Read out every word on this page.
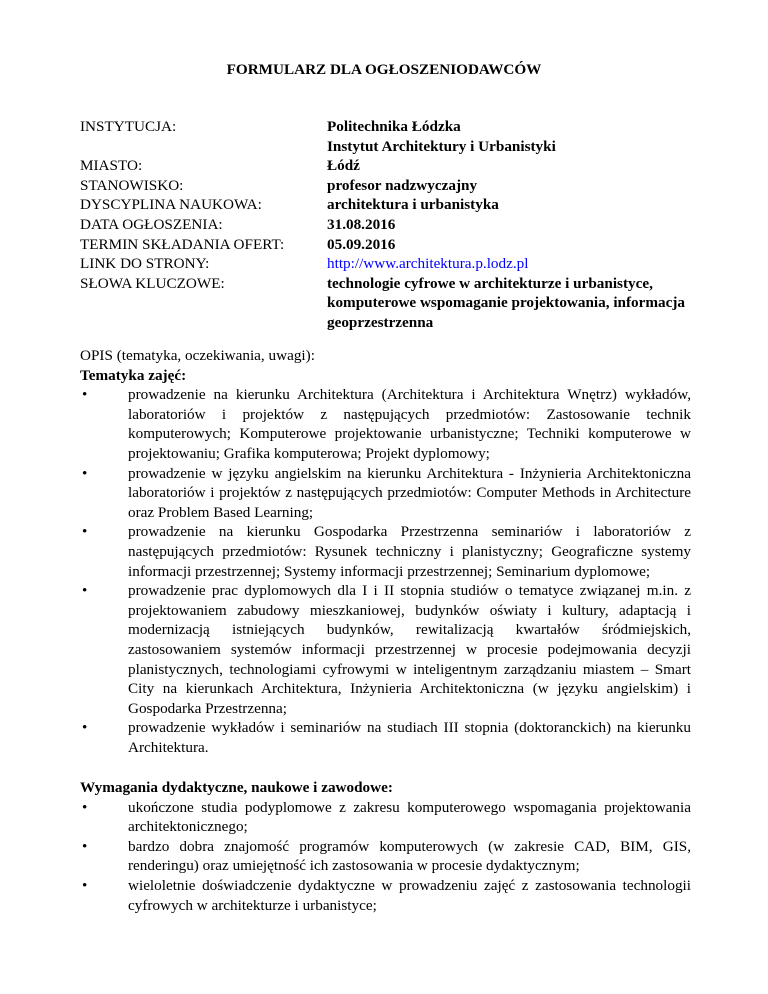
FORMULARZ DLA OGŁOSZENIODAWCÓW
INSTYTUCJA:	Politechnika Łódzka
Instytut Architektury i Urbanistyki
MIASTO:	Łódź
STANOWISKO:	profesor nadzwyczajny
DYSCYPLINA NAUKOWA:	architektura i urbanistyka
DATA OGŁOSZENIA:	31.08.2016
TERMIN SKŁADANIA OFERT:	05.09.2016
LINK DO STRONY:	http://www.architektura.p.lodz.pl
SŁOWA KLUCZOWE:	technologie cyfrowe w architekturze i urbanistyce, komputerowe wspomaganie projektowania, informacja geoprzestrzenna
OPIS (tematyka, oczekiwania, uwagi):
Tematyka zajęć:
•	prowadzenie na kierunku Architektura (Architektura i Architektura Wnętrz) wykładów, laboratoriów i projektów z następujących przedmiotów: Zastosowanie technik komputerowych; Komputerowe projektowanie urbanistyczne; Techniki komputerowe w projektowaniu; Grafika komputerowa; Projekt dyplomowy;
•	prowadzenie w języku angielskim na kierunku Architektura - Inżynieria Architektoniczna laboratoriów i projektów z następujących przedmiotów: Computer Methods in Architecture oraz Problem Based Learning;
•	prowadzenie na kierunku Gospodarka Przestrzenna seminariów i laboratoriów z następujących przedmiotów: Rysunek techniczny i planistyczny; Geograficzne systemy informacji przestrzennej; Systemy informacji przestrzennej; Seminarium dyplomowe;
•	prowadzenie prac dyplomowych dla I i II stopnia studiów o tematyce związanej m.in. z projektowaniem zabudowy mieszkaniowej, budynków oświaty i kultury, adaptacją i modernizacją istniejących budynków, rewitalizacją kwartałów śródmiejskich, zastosowaniem systemów informacji przestrzennej w procesie podejmowania decyzji planistycznych, technologiami cyfrowymi w inteligentnym zarządzaniu miastem – Smart City na kierunkach Architektura, Inżynieria Architektoniczna (w języku angielskim) i Gospodarka Przestrzenna;
•	prowadzenie wykładów i seminariów na studiach III stopnia (doktoranckich) na kierunku Architektura.
Wymagania dydaktyczne, naukowe i zawodowe:
•	ukończone studia podyplomowe z zakresu komputerowego wspomagania projektowania architektonicznego;
•	bardzo dobra znajomość programów komputerowych (w zakresie CAD, BIM, GIS, renderingu) oraz umiejętność ich zastosowania w procesie dydaktycznym;
•	wieloletnie doświadczenie dydaktyczne w prowadzeniu zajęć z zastosowania technologii cyfrowych w architekturze i urbanistyce;
